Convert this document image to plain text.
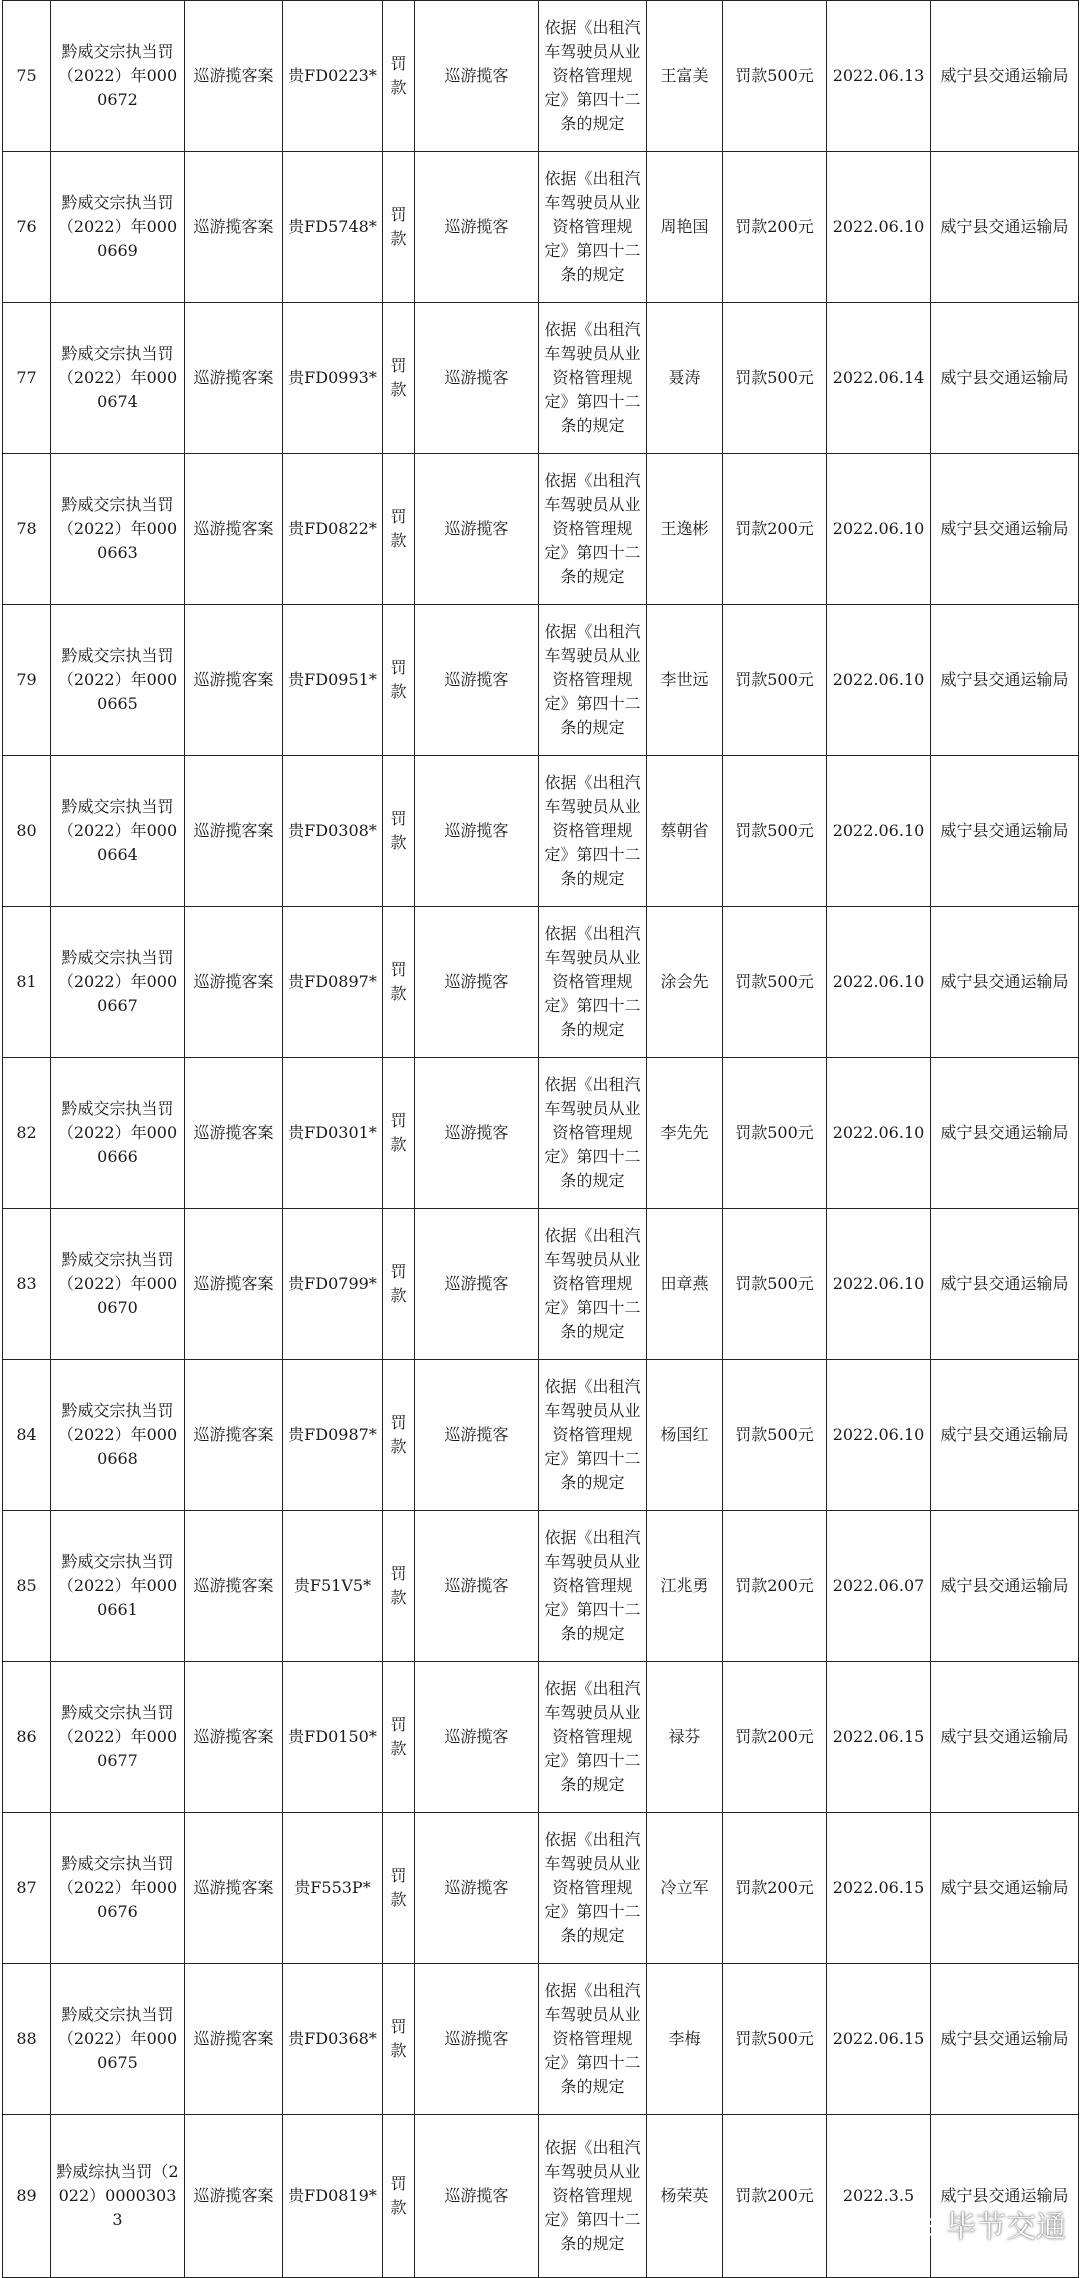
75	黔威交宗执当罚（2022）年0000672	巡游揽客案	贵FD0223*	罚款	巡游揽客	依据《出租汽车驾驶员从业资格管理规定》第四十二条的规定	王富美	罚款500元	2022.06.13	威宁县交通运输局
76	黔威交宗执当罚（2022）年0000669	巡游揽客案	贵FD5748*	罚款	巡游揽客	依据《出租汽车驾驶员从业资格管理规定》第四十二条的规定	周艳国	罚款200元	2022.06.10	威宁县交通运输局
77	黔威交宗执当罚（2022）年0000674	巡游揽客案	贵FD0993*	罚款	巡游揽客	依据《出租汽车驾驶员从业资格管理规定》第四十二条的规定	聂涛	罚款500元	2022.06.14	威宁县交通运输局
78	黔威交宗执当罚（2022）年0000663	巡游揽客案	贵FD0822*	罚款	巡游揽客	依据《出租汽车驾驶员从业资格管理规定》第四十二条的规定	王逸彬	罚款200元	2022.06.10	威宁县交通运输局
79	黔威交宗执当罚（2022）年0000665	巡游揽客案	贵FD0951*	罚款	巡游揽客	依据《出租汽车驾驶员从业资格管理规定》第四十二条的规定	李世远	罚款500元	2022.06.10	威宁县交通运输局
80	黔威交宗执当罚（2022）年0000664	巡游揽客案	贵FD0308*	罚款	巡游揽客	依据《出租汽车驾驶员从业资格管理规定》第四十二条的规定	蔡朝省	罚款500元	2022.06.10	威宁县交通运输局
81	黔威交宗执当罚（2022）年0000667	巡游揽客案	贵FD0897*	罚款	巡游揽客	依据《出租汽车驾驶员从业资格管理规定》第四十二条的规定	涂会先	罚款500元	2022.06.10	威宁县交通运输局
82	黔威交宗执当罚（2022）年0000666	巡游揽客案	贵FD0301*	罚款	巡游揽客	依据《出租汽车驾驶员从业资格管理规定》第四十二条的规定	李先先	罚款500元	2022.06.10	威宁县交通运输局
83	黔威交宗执当罚（2022）年0000670	巡游揽客案	贵FD0799*	罚款	巡游揽客	依据《出租汽车驾驶员从业资格管理规定》第四十二条的规定	田章燕	罚款500元	2022.06.10	威宁县交通运输局
84	黔威交宗执当罚（2022）年0000668	巡游揽客案	贵FD0987*	罚款	巡游揽客	依据《出租汽车驾驶员从业资格管理规定》第四十二条的规定	杨国红	罚款500元	2022.06.10	威宁县交通运输局
85	黔威交宗执当罚（2022）年0000661	巡游揽客案	贵F51V5*	罚款	巡游揽客	依据《出租汽车驾驶员从业资格管理规定》第四十二条的规定	江兆勇	罚款200元	2022.06.07	威宁县交通运输局
86	黔威交宗执当罚（2022）年0000677	巡游揽客案	贵FD0150*	罚款	巡游揽客	依据《出租汽车驾驶员从业资格管理规定》第四十二条的规定	禄芬	罚款200元	2022.06.15	威宁县交通运输局
87	黔威交宗执当罚（2022）年0000676	巡游揽客案	贵F553P*	罚款	巡游揽客	依据《出租汽车驾驶员从业资格管理规定》第四十二条的规定	冷立军	罚款200元	2022.06.15	威宁县交通运输局
88	黔威交宗执当罚（2022）年0000675	巡游揽客案	贵FD0368*	罚款	巡游揽客	依据《出租汽车驾驶员从业资格管理规定》第四十二条的规定	李梅	罚款500元	2022.06.15	威宁县交通运输局
89	黔威综执当罚（2022）00003033	巡游揽客案	贵FD0819*	罚款	巡游揽客	依据《出租汽车驾驶员从业资格管理规定》第四十二条的规定	杨荣英	罚款200元	2022.3.5	威宁县交通运输局
毕节交通
